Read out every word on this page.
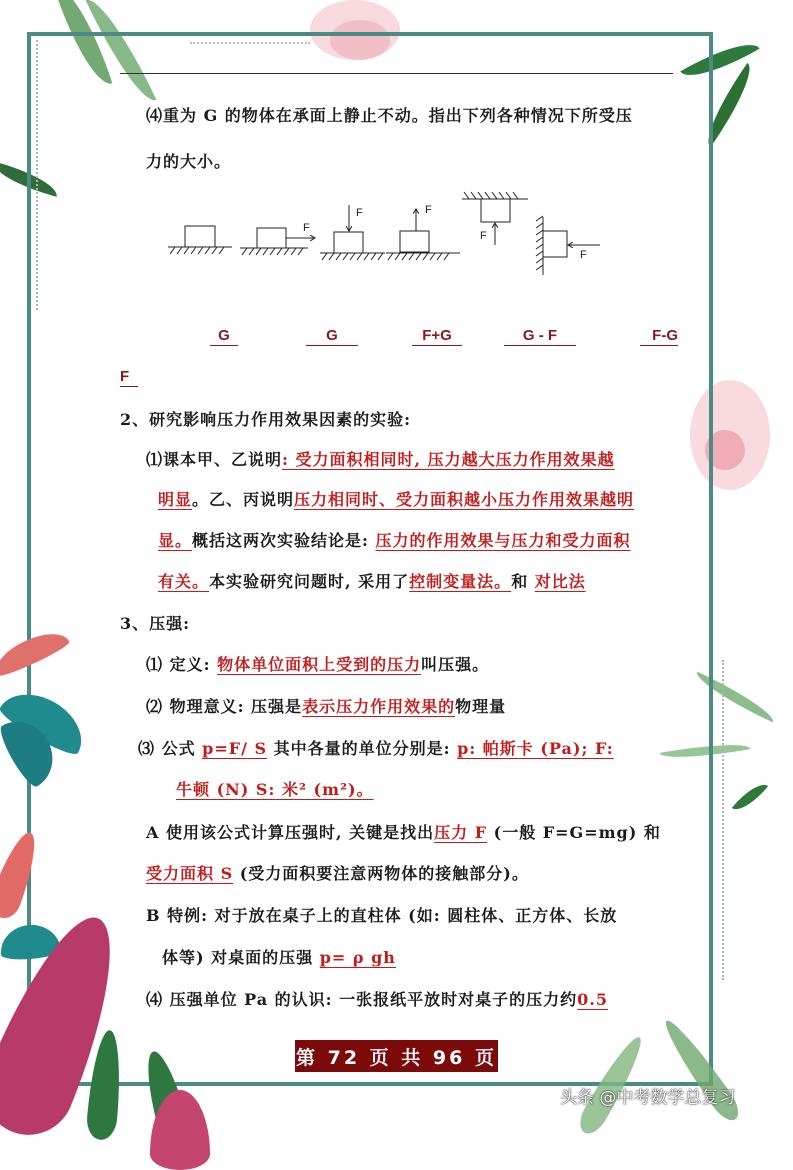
⑷重为 G 的物体在承面上静止不动。指出下列各种情况下所受压
力的大小。
F
F	F
F
F
G	G	F+G	G - F	F-G
F
2、研究影响压力作用效果因素的实验:
⑴课本甲、乙说明: 受力面积相同时, 压力越大压力作用效果越
明显。乙、丙说明压力相同时、受力面积越小压力作用效果越明
显。概括这两次实验结论是: 压力的作用效果与压力和受力面积
有关。本实验研究问题时, 采用了控制变量法。和 对比法
3、压强:
⑴ 定义: 物体单位面积上受到的压力叫压强。
⑵ 物理意义: 压强是表示压力作用效果的物理量
⑶ 公式 p=F/ S 其中各量的单位分别是: p: 帕斯卡 (Pa); F:
牛顿 (N) S: 米² (m²)。
A 使用该公式计算压强时, 关键是找出压力 F (一般 F=G=mg) 和
受力面积 S (受力面积要注意两物体的接触部分)。
B 特例: 对于放在桌子上的直柱体 (如: 圆柱体、正方体、长放
体等) 对桌面的压强 p= ρ gh
⑷ 压强单位 Pa 的认识: 一张报纸平放时对桌子的压力约0.5
第 72 页 共 96 页
头条 @中考数学总复习
